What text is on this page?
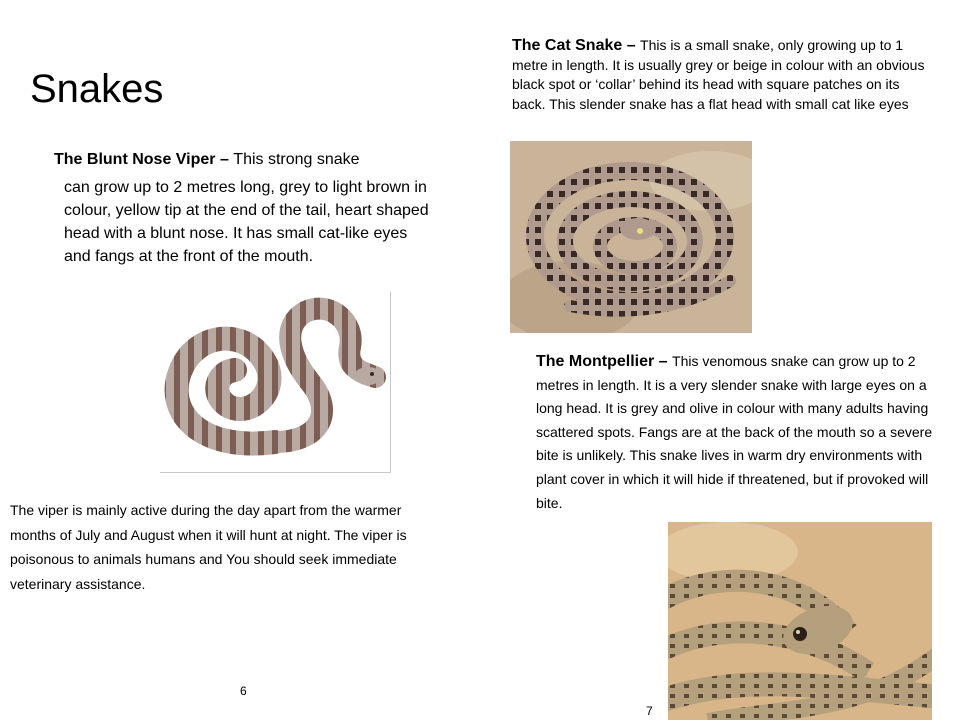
Snakes
The Blunt Nose Viper – This strong snake
can grow up to 2 metres long, grey to light brown in colour, yellow tip at the end of the tail, heart shaped head with a blunt nose. It has small cat-like eyes and fangs at the front of the mouth.
The viper is mainly active during the day apart from the warmer months of July and August when it will hunt at night. The viper is poisonous to animals humans and You should seek immediate veterinary assistance.
The Cat Snake – This is a small snake, only growing up to 1 metre in length. It is usually grey or beige in colour with an obvious black spot or ‘collar’ behind its head with square patches on its back. This slender snake has a flat head with small cat like eyes
The Montpellier – This venomous snake can grow up to 2 metres in length. It is a very slender snake with large eyes on a long head. It is grey and olive in colour with many adults having scattered spots. Fangs are at the back of the mouth so a severe bite is unlikely. This snake lives in warm dry environments with plant cover in which it will hide if threatened, but if provoked will bite.
6
7
